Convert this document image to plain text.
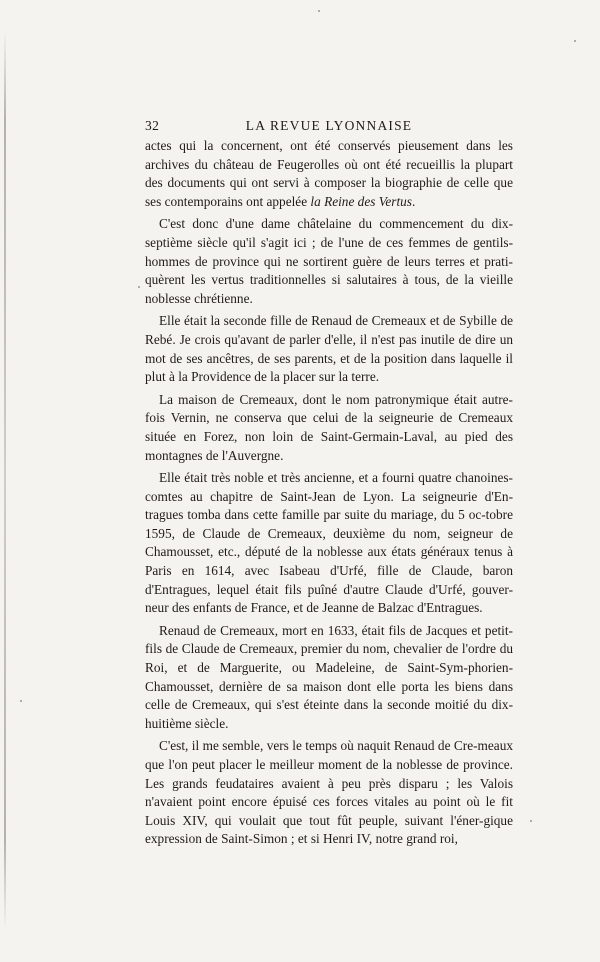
32	LA REVUE LYONNAISE

actes qui la concernent, ont été conservés pieusement dans les archives du château de Feugerolles où ont été recueillis la plupart des documents qui ont servi à composer la biographie de celle que ses contemporains ont appelée la Reine des Vertus.

C'est donc d'une dame châtelaine du commencement du dix-septième siècle qu'il s'agit ici ; de l'une de ces femmes de gentils-hommes de province qui ne sortirent guère de leurs terres et prati-quèrent les vertus traditionnelles si salutaires à tous, de la vieille noblesse chrétienne.

Elle était la seconde fille de Renaud de Cremeaux et de Sybille de Rebé. Je crois qu'avant de parler d'elle, il n'est pas inutile de dire un mot de ses ancêtres, de ses parents, et de la position dans laquelle il plut à la Providence de la placer sur la terre.

La maison de Cremeaux, dont le nom patronymique était autre-fois Vernin, ne conserva que celui de la seigneurie de Cremeaux située en Forez, non loin de Saint-Germain-Laval, au pied des montagnes de l'Auvergne.

Elle était très noble et très ancienne, et a fourni quatre chanoines-comtes au chapitre de Saint-Jean de Lyon. La seigneurie d'En-tragues tomba dans cette famille par suite du mariage, du 5 oc-tobre 1595, de Claude de Cremeaux, deuxième du nom, seigneur de Chamousset, etc., député de la noblesse aux états généraux tenus à Paris en 1614, avec Isabeau d'Urfé, fille de Claude, baron d'Entragues, lequel était fils puîné d'autre Claude d'Urfé, gouver-neur des enfants de France, et de Jeanne de Balzac d'Entragues.

Renaud de Cremeaux, mort en 1633, était fils de Jacques et petit-fils de Claude de Cremeaux, premier du nom, chevalier de l'ordre du Roi, et de Marguerite, ou Madeleine, de Saint-Sym-phorien-Chamousset, dernière de sa maison dont elle porta les biens dans celle de Cremeaux, qui s'est éteinte dans la seconde moitié du dix-huitième siècle.

C'est, il me semble, vers le temps où naquit Renaud de Cre-meaux que l'on peut placer le meilleur moment de la noblesse de province. Les grands feudataires avaient à peu près disparu ; les Valois n'avaient point encore épuisé ces forces vitales au point où le fit Louis XIV, qui voulait que tout fût peuple, suivant l'éner-gique expression de Saint-Simon ; et si Henri IV, notre grand roi,
